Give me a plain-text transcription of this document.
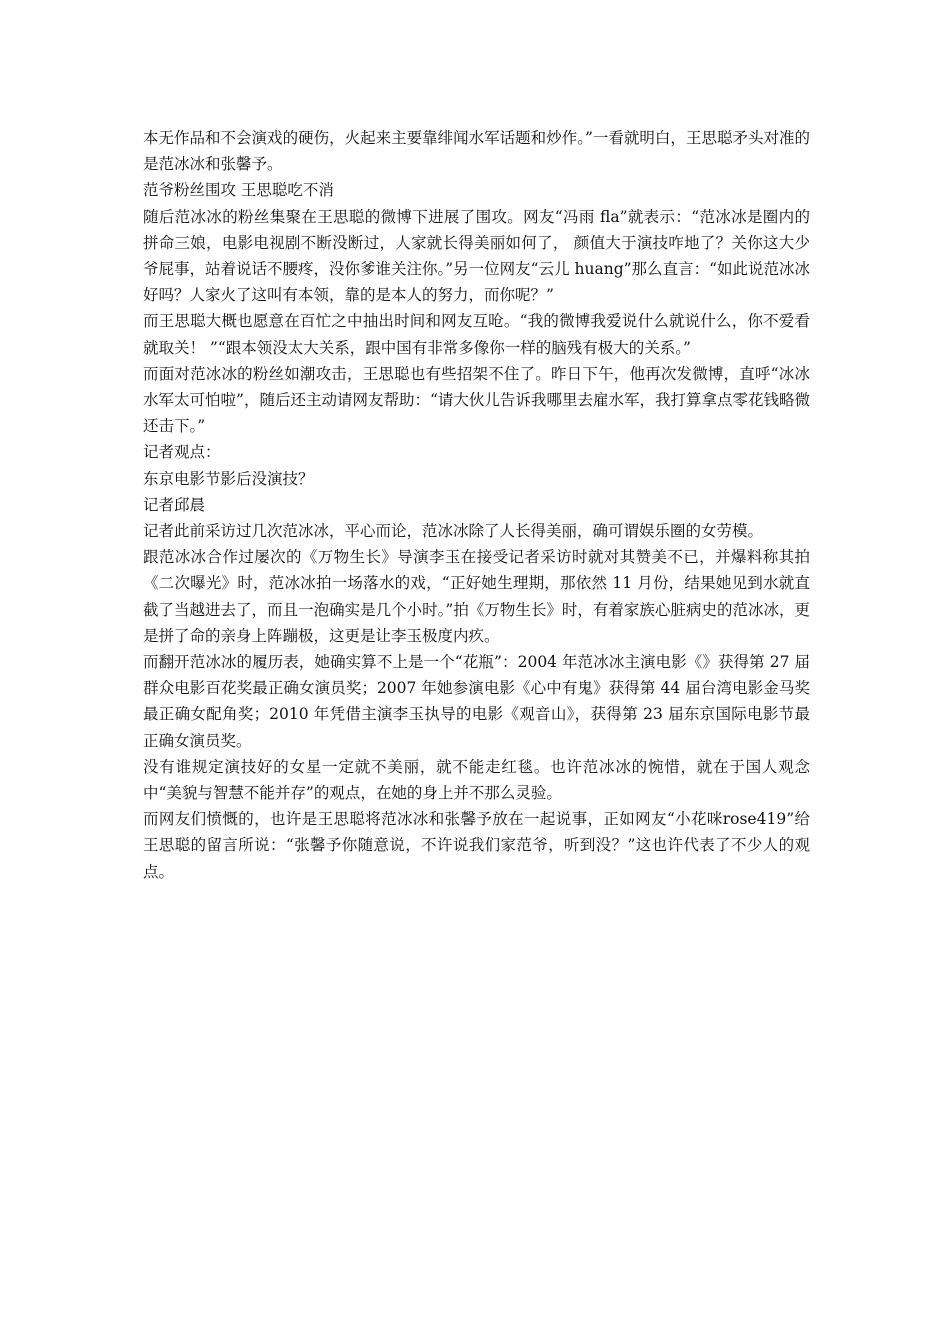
本无作品和不会演戏的硬伤，火起来主要靠绯闻水军话题和炒作。”一看就明白，王思聪矛头对准的是范冰冰和张馨予。

范爷粉丝围攻 王思聪吃不消

随后范冰冰的粉丝集聚在王思聪的微博下进展了围攻。网友“冯雨 fla”就表示：“范冰冰是圈内的拼命三娘，电影电视剧不断没断过，人家就长得美丽如何了， 颜值大于演技咋地了？关你这大少爷屁事，站着说话不腰疼，没你爹谁关注你。”另一位网友“云儿 huang”那么直言：“如此说范冰冰好吗？人家火了这叫有本领，靠的是本人的努力，而你呢？”

而王思聪大概也愿意在百忙之中抽出时间和网友互呛。“我的微博我爱说什么就说什么，你不爱看就取关！ ”“跟本领没太大关系，跟中国有非常多像你一样的脑残有极大的关系。”

而面对范冰冰的粉丝如潮攻击，王思聪也有些招架不住了。昨日下午，他再次发微博，直呼“冰冰水军太可怕啦”，随后还主动请网友帮助：“请大伙儿告诉我哪里去雇水军，我打算拿点零花钱略微还击下。”

记者观点：

东京电影节影后没演技？

记者邱晨

记者此前采访过几次范冰冰，平心而论，范冰冰除了人长得美丽，确可谓娱乐圈的女劳模。

跟范冰冰合作过屡次的《万物生长》导演李玉在接受记者采访时就对其赞美不已，并爆料称其拍《二次曝光》时，范冰冰拍一场落水的戏，“正好她生理期，那依然 11 月份，结果她见到水就直截了当越进去了，而且一泡确实是几个小时。”拍《万物生长》时，有着家族心脏病史的范冰冰，更是拼了命的亲身上阵蹦极，这更是让李玉极度内疚。

而翻开范冰冰的履历表，她确实算不上是一个“花瓶”：2004 年范冰冰主演电影《》获得第 27 届群众电影百花奖最正确女演员奖；2007 年她参演电影《心中有鬼》获得第 44 届台湾电影金马奖最正确女配角奖；2010 年凭借主演李玉执导的电影《观音山》，获得第 23 届东京国际电影节最正确女演员奖。

没有谁规定演技好的女星一定就不美丽，就不能走红毯。也许范冰冰的惋惜，就在于国人观念中“美貌与智慧不能并存”的观点，在她的身上并不那么灵验。

而网友们愤慨的，也许是王思聪将范冰冰和张馨予放在一起说事，正如网友“小花咪rose419”给王思聪的留言所说：“张馨予你随意说，不许说我们家范爷，听到没？”这也许代表了不少人的观点。
